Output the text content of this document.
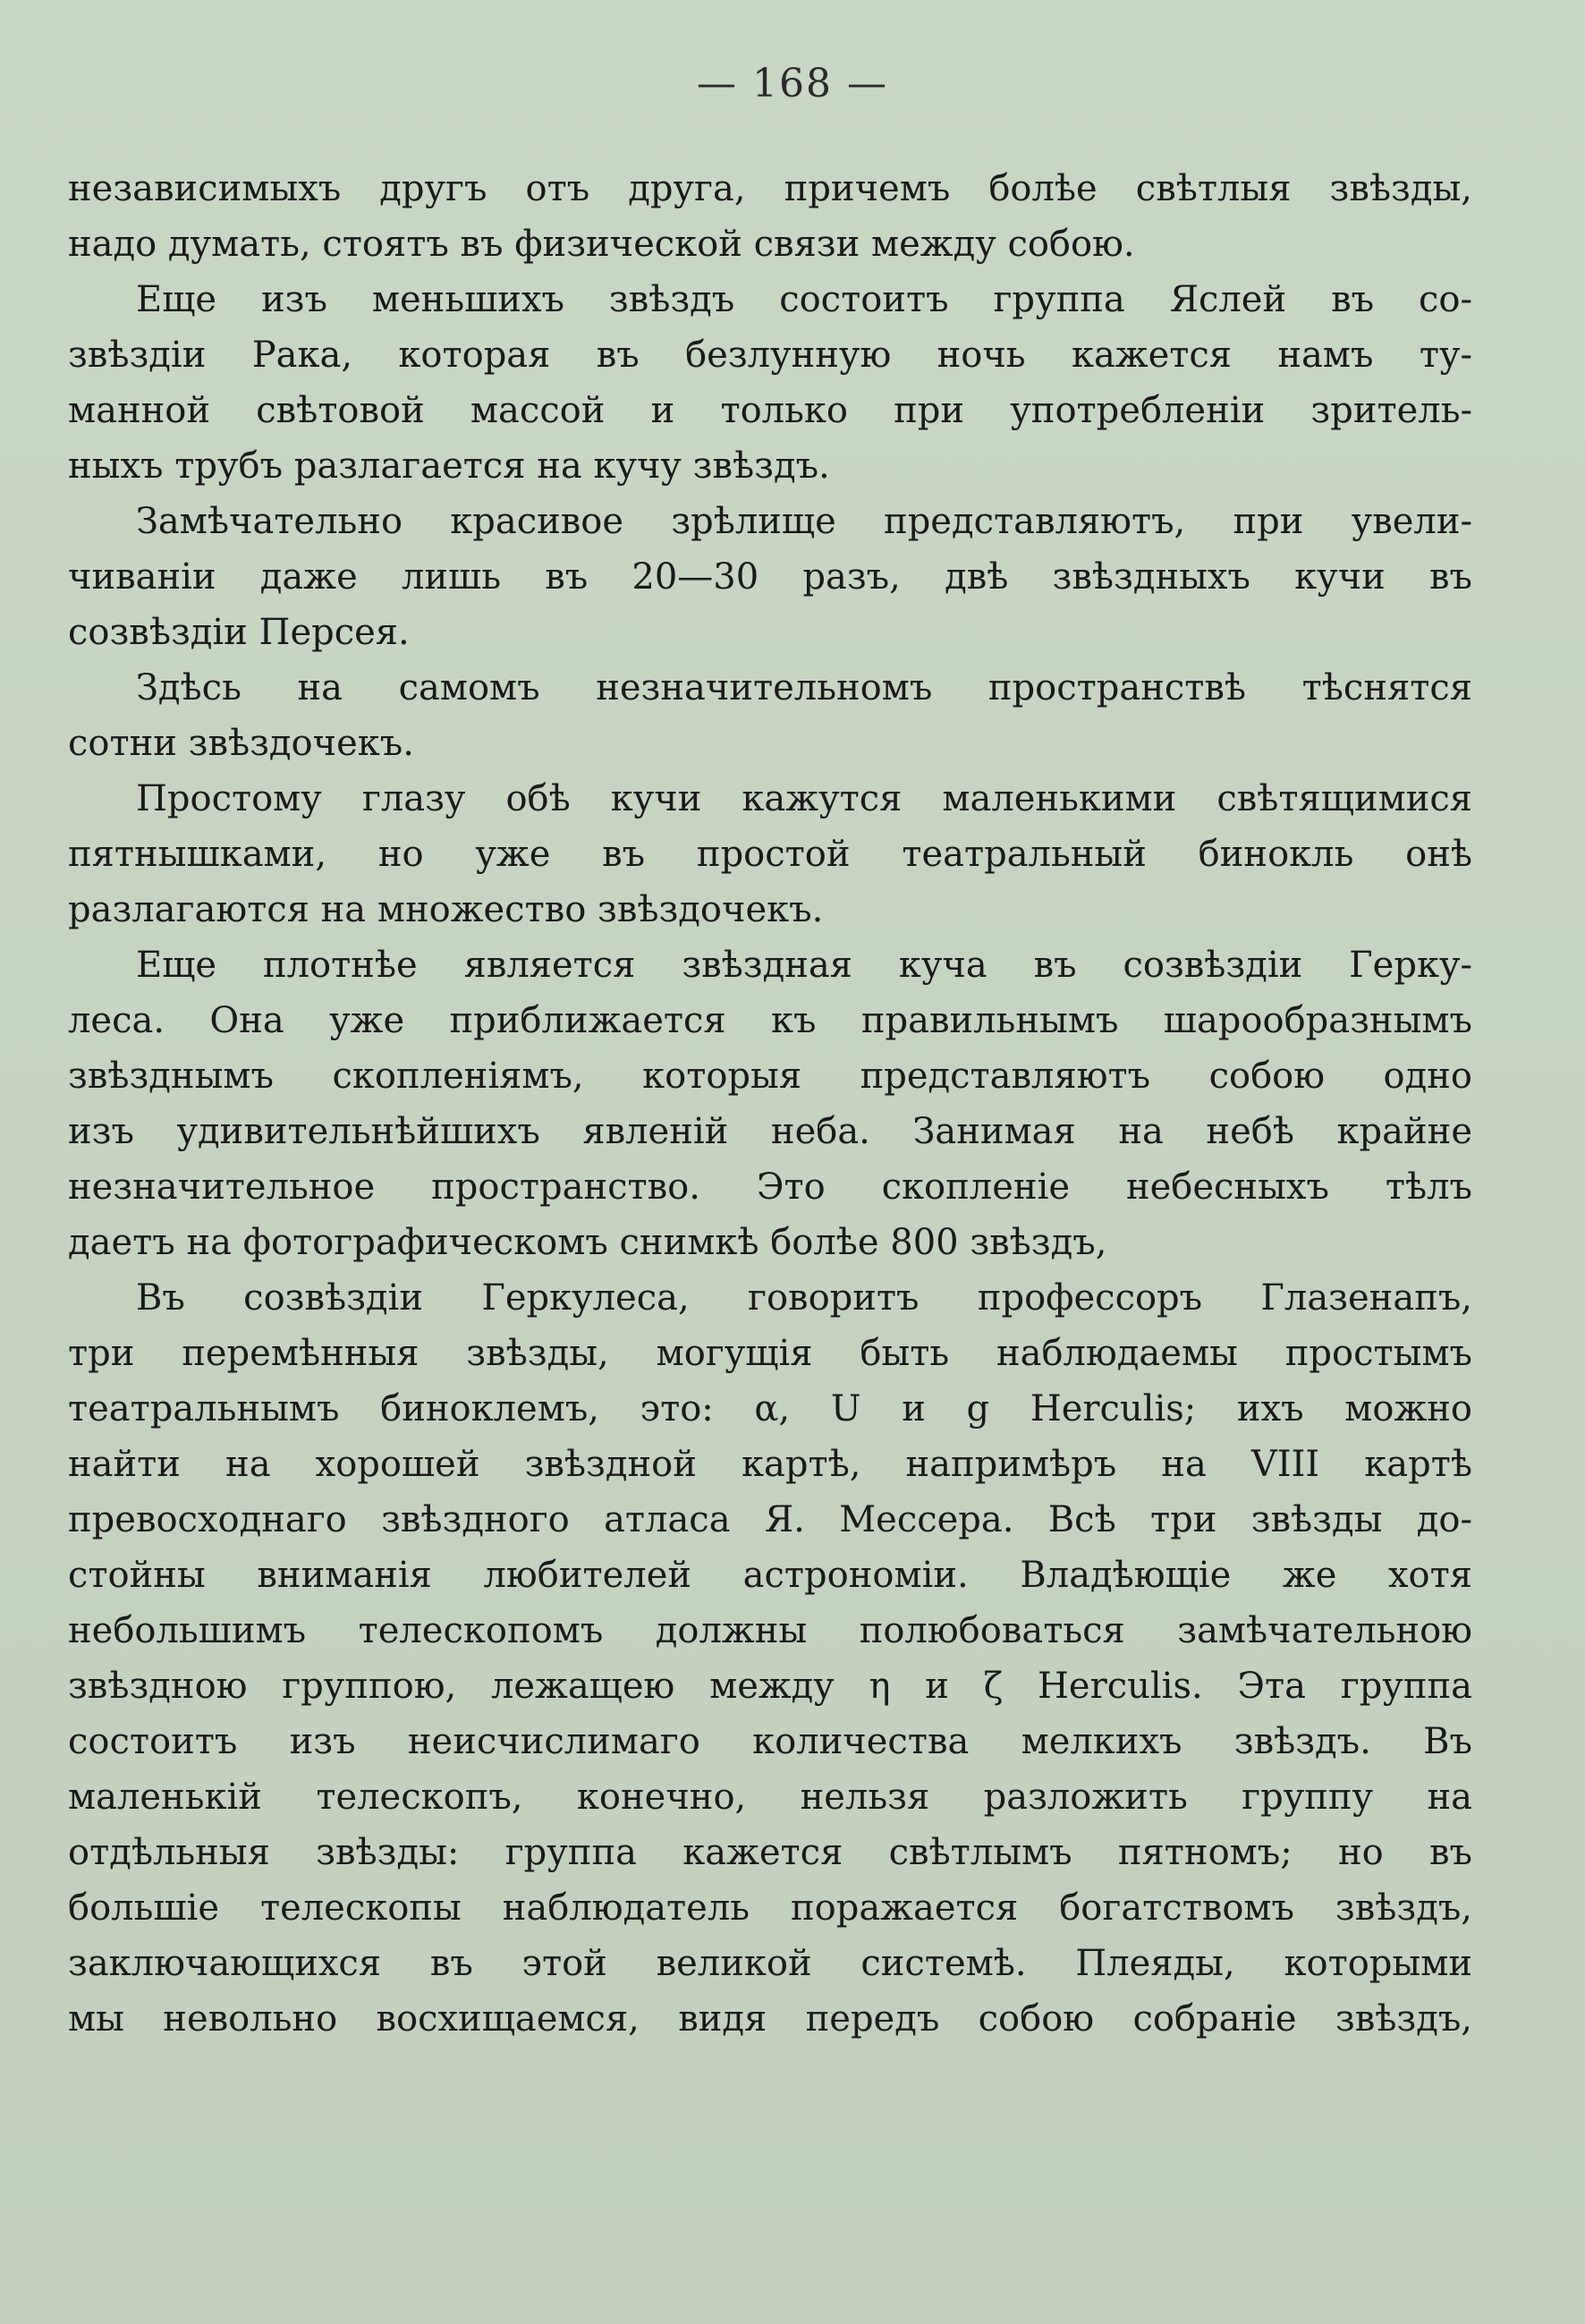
— 168 —
независимыхъ другъ отъ друга, причемъ болѣе свѣтлыя звѣзды,
надо думать, стоятъ въ физической связи между собою.
Еще изъ меньшихъ звѣздъ состоитъ группа Яслей въ со-
звѣздіи Рака, которая въ безлунную ночь кажется намъ ту-
манной свѣтовой массой и только при употребленіи зритель-
ныхъ трубъ разлагается на кучу звѣздъ.
Замѣчательно красивое зрѣлище представляютъ, при увели-
чиваніи даже лишь въ 20—30 разъ, двѣ звѣздныхъ кучи въ
созвѣздіи Персея.
Здѣсь на самомъ незначительномъ пространствѣ тѣснятся
сотни звѣздочекъ.
Простому глазу обѣ кучи кажутся маленькими свѣтящимися
пятнышками, но уже въ простой театральный бинокль онѣ
разлагаются на множество звѣздочекъ.
Еще плотнѣе является звѣздная куча въ созвѣздіи Герку-
леса. Она уже приближается къ правильнымъ шарообразнымъ
звѣзднымъ скопленіямъ, которыя представляютъ собою одно
изъ удивительнѣйшихъ явленій неба. Занимая на небѣ крайне
незначительное пространство. Это скопленіе небесныхъ тѣлъ
даетъ на фотографическомъ снимкѣ болѣе 800 звѣздъ,
Въ созвѣздіи Геркулеса, говоритъ профессоръ Глазенапъ,
три перемѣнныя звѣзды, могущія быть наблюдаемы простымъ
театральнымъ биноклемъ, это: α, U и g Herculis; ихъ можно
найти на хорошей звѣздной картѣ, напримѣръ на VIII картѣ
превосходнаго звѣздного атласа Я. Мессера. Всѣ три звѣзды до-
стойны вниманія любителей астрономіи. Владѣющіе же хотя
небольшимъ телескопомъ должны полюбоваться замѣчательною
звѣздною группою, лежащею между η и ζ Herculis. Эта группа
состоитъ изъ неисчислимаго количества мелкихъ звѣздъ. Въ
маленькій телескопъ, конечно, нельзя разложить группу на
отдѣльныя звѣзды: группа кажется свѣтлымъ пятномъ; но въ
большіе телескопы наблюдатель поражается богатствомъ звѣздъ,
заключающихся въ этой великой системѣ. Плеяды, которыми
мы невольно восхищаемся, видя передъ собою собраніе звѣздъ,
